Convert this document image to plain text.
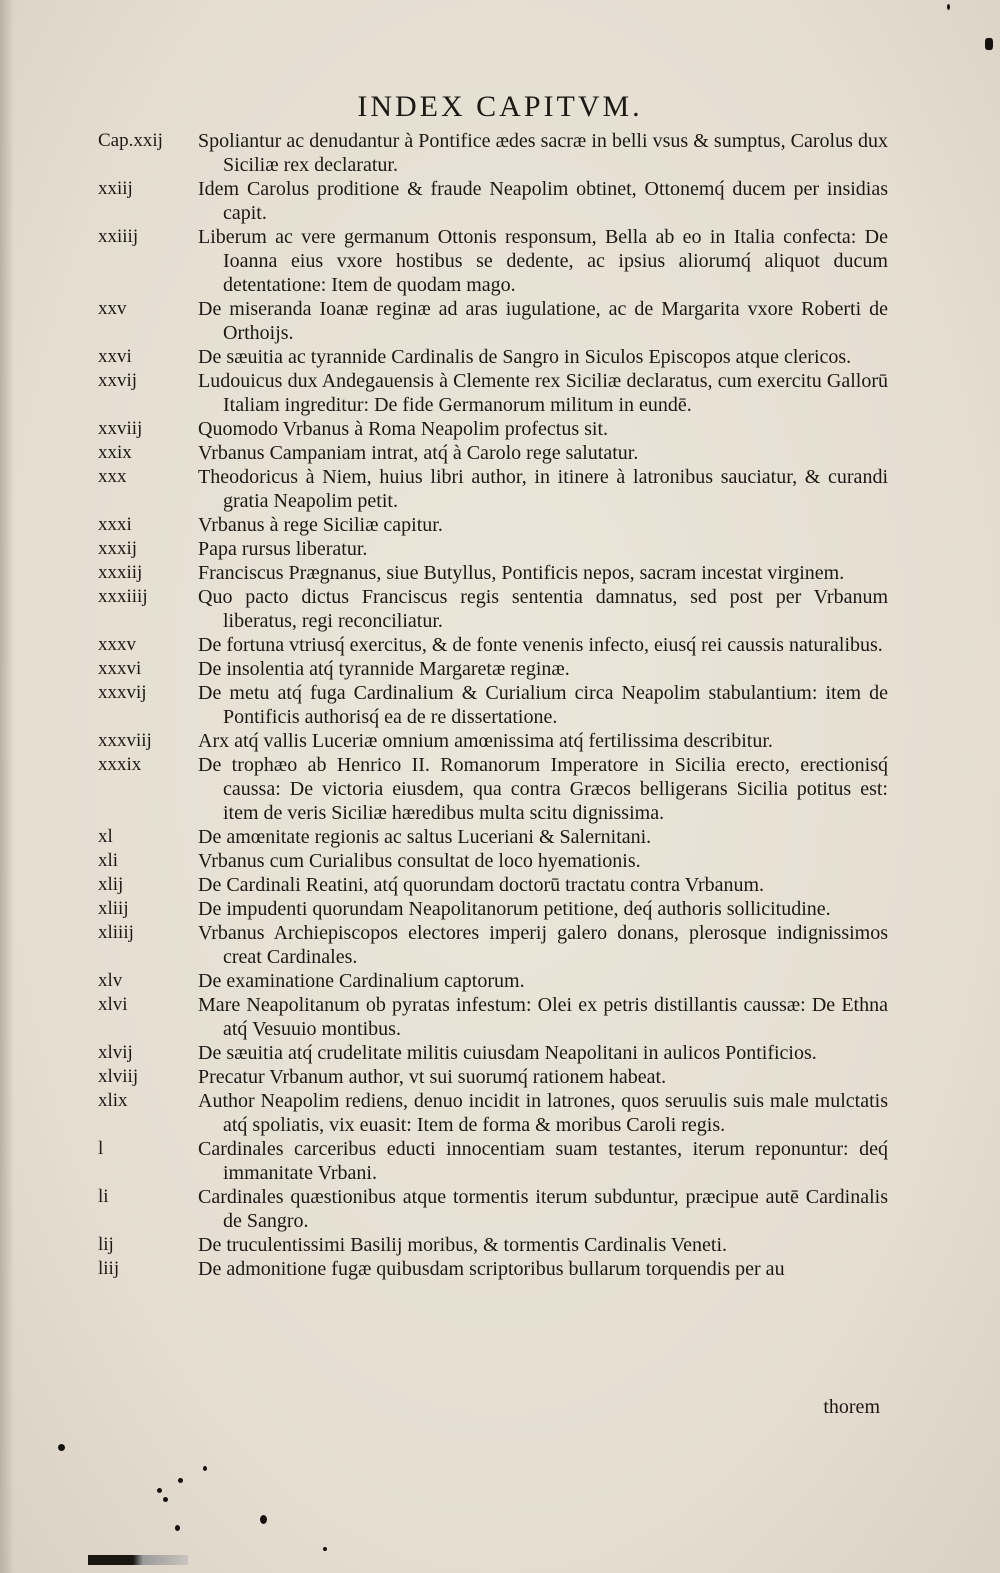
INDEX CAPITVM.
Cap.xxij	Spoliantur ac denudantur à Pontifice ædes sacræ in belli vsus & sumptus, Carolus dux Siciliæ rex declaratur.
xxiij	Idem Carolus proditione & fraude Neapolim obtinet, Ottonemq́ ducem per insidias capit.
xxiiij	Liberum ac vere germanum Ottonis responsum, Bella ab eo in Italia confecta: De Ioanna eius vxore hostibus se dedente, ac ipsius aliorumq́ aliquot ducum detentatione: Item de quodam mago.
xxv	De miseranda Ioanæ reginæ ad aras iugulatione, ac de Margarita vxore Roberti de Orthoijs.
xxvi	De sæuitia ac tyrannide Cardinalis de Sangro in Siculos Episcopos atque clericos.
xxvij	Ludouicus dux Andegauensis à Clemente rex Siciliæ declaratus, cum exercitu Gallorū Italiam ingreditur: De fide Germanorum militum in eundē.
xxviij	Quomodo Vrbanus à Roma Neapolim profectus sit.
xxix	Vrbanus Campaniam intrat, atq́ à Carolo rege salutatur.
xxx	Theodoricus à Niem, huius libri author, in itinere à latronibus sauciatur, & curandi gratia Neapolim petit.
xxxi	Vrbanus à rege Siciliæ capitur.
xxxij	Papa rursus liberatur.
xxxiij	Franciscus Prægnanus, siue Butyllus, Pontificis nepos, sacram incestat virginem.
xxxiiij	Quo pacto dictus Franciscus regis sententia damnatus, sed post per Vrbanum liberatus, regi reconciliatur.
xxxv	De fortuna vtriusq́ exercitus, & de fonte venenis infecto, eiusq́ rei caussis naturalibus.
xxxvi	De insolentia atq́ tyrannide Margaretæ reginæ.
xxxvij	De metu atq́ fuga Cardinalium & Curialium circa Neapolim stabulantium: item de Pontificis authorisq́ ea de re dissertatione.
xxxviij	Arx atq́ vallis Luceriæ omnium amœnissima atq́ fertilissima describitur.
xxxix	De trophæo ab Henrico II. Romanorum Imperatore in Sicilia erecto, erectionisq́ caussa: De victoria eiusdem, qua contra Græcos belligerans Sicilia potitus est: item de veris Siciliæ hæredibus multa scitu dignissima.
xl	De amœnitate regionis ac saltus Luceriani & Salernitani.
xli	Vrbanus cum Curialibus consultat de loco hyemationis.
xlij	De Cardinali Reatini, atq́ quorundam doctorū tractatu contra Vrbanum.
xliij	De impudenti quorundam Neapolitanorum petitione, deq́ authoris sollicitudine.
xliiij	Vrbanus Archiepiscopos electores imperij galero donans, plerosque indignissimos creat Cardinales.
xlv	De examinatione Cardinalium captorum.
xlvi	Mare Neapolitanum ob pyratas infestum: Olei ex petris distillantis caussæ: De Ethna atq́ Vesuuio montibus.
xlvij	De sæuitia atq́ crudelitate militis cuiusdam Neapolitani in aulicos Pontificios.
xlviij	Precatur Vrbanum author, vt sui suorumq́ rationem habeat.
xlix	Author Neapolim rediens, denuo incidit in latrones, quos seruulis suis male mulctatis atq́ spoliatis, vix euasit: Item de forma & moribus Caroli regis.
l	Cardinales carceribus educti innocentiam suam testantes, iterum reponuntur: deq́ immanitate Vrbani.
li	Cardinales quæstionibus atque tormentis iterum subduntur, præcipue autē Cardinalis de Sangro.
lij	De truculentissimi Basilij moribus, & tormentis Cardinalis Veneti.
liij	De admonitione fugæ quibusdam scriptoribus bullarum torquendis per au
thorem
